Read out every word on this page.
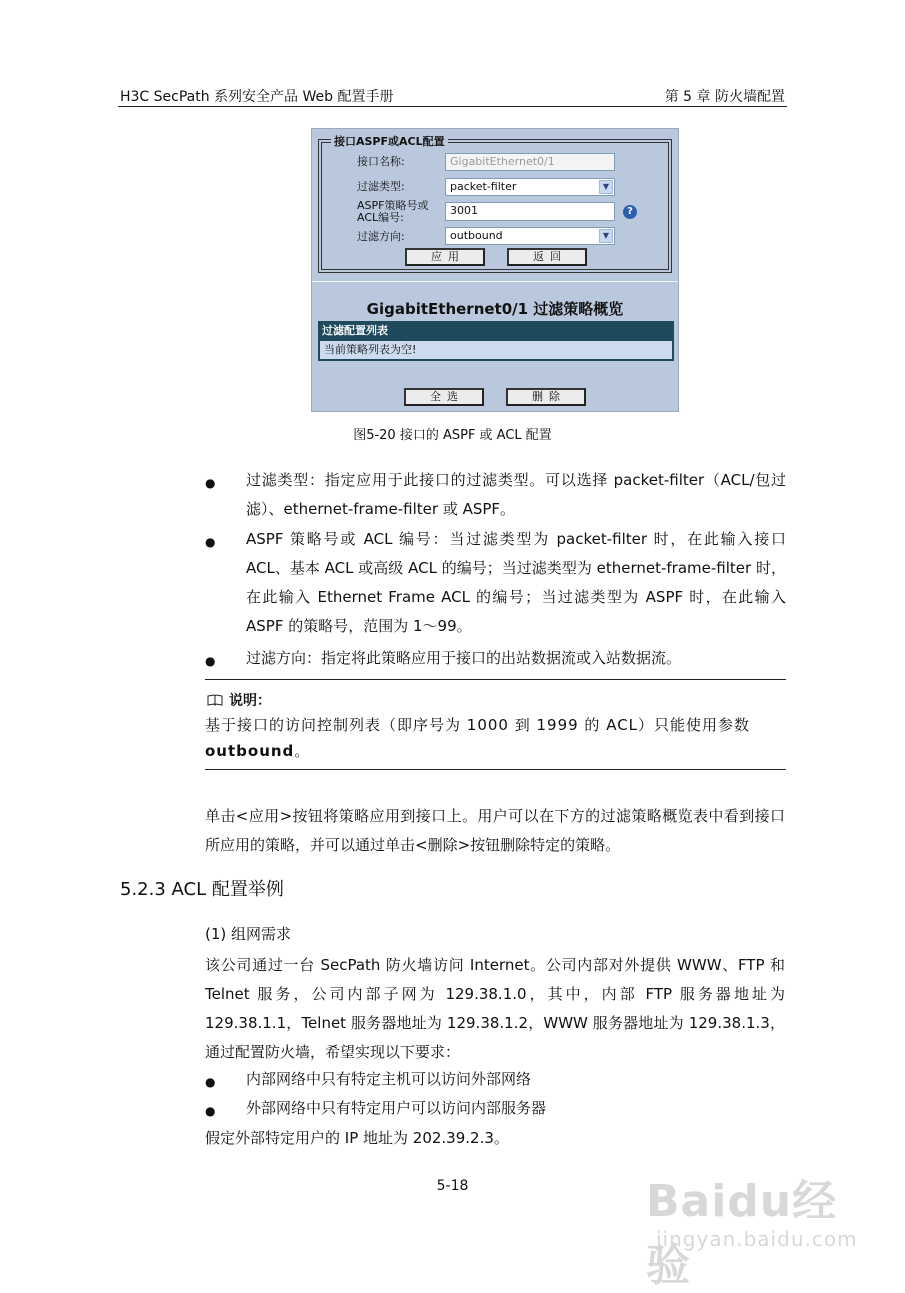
H3C SecPath 系列安全产品 Web 配置手册	第 5 章 防火墙配置
接口ASPF或ACL配置
接口名称:	GigabitEthernet0/1
过滤类型:	packet-filter	▼
ASPF策略号或
ACL编号:
3001	?
过滤方向:	outbound	▼
应用	返回
GigabitEthernet0/1 过滤策略概览
过滤配置列表
当前策略列表为空!
全选	删除
图5-20 接口的 ASPF 或 ACL 配置
● 过滤类型：指定应用于此接口的过滤类型。可以选择 packet-filter（ACL/包过滤）、ethernet-frame-filter 或 ASPF。
● ASPF 策略号或 ACL 编号：当过滤类型为 packet-filter 时，在此输入接口 ACL、基本 ACL 或高级 ACL 的编号；当过滤类型为 ethernet-frame-filter 时，在此输入 Ethernet Frame ACL 的编号；当过滤类型为 ASPF 时，在此输入 ASPF 的策略号，范围为 1～99。
● 过滤方向：指定将此策略应用于接口的出站数据流或入站数据流。
说明：
基于接口的访问控制列表（即序号为 1000 到 1999 的 ACL）只能使用参数
outbound。
单击<应用>按钮将策略应用到接口上。用户可以在下方的过滤策略概览表中看到接口所应用的策略，并可以通过单击<删除>按钮删除特定的策略。
5.2.3 ACL 配置举例
(1) 组网需求
该公司通过一台 SecPath 防火墙访问 Internet。公司内部对外提供 WWW、FTP 和 Telnet 服务，公司内部子网为 129.38.1.0，其中，内部 FTP 服务器地址为 129.38.1.1，Telnet 服务器地址为 129.38.1.2，WWW 服务器地址为 129.38.1.3，通过配置防火墙，希望实现以下要求：
● 内部网络中只有特定主机可以访问外部网络
● 外部网络中只有特定用户可以访问内部服务器
假定外部特定用户的 IP 地址为 202.39.2.3。
5-18	Baidu经验
jingyan.baidu.com
